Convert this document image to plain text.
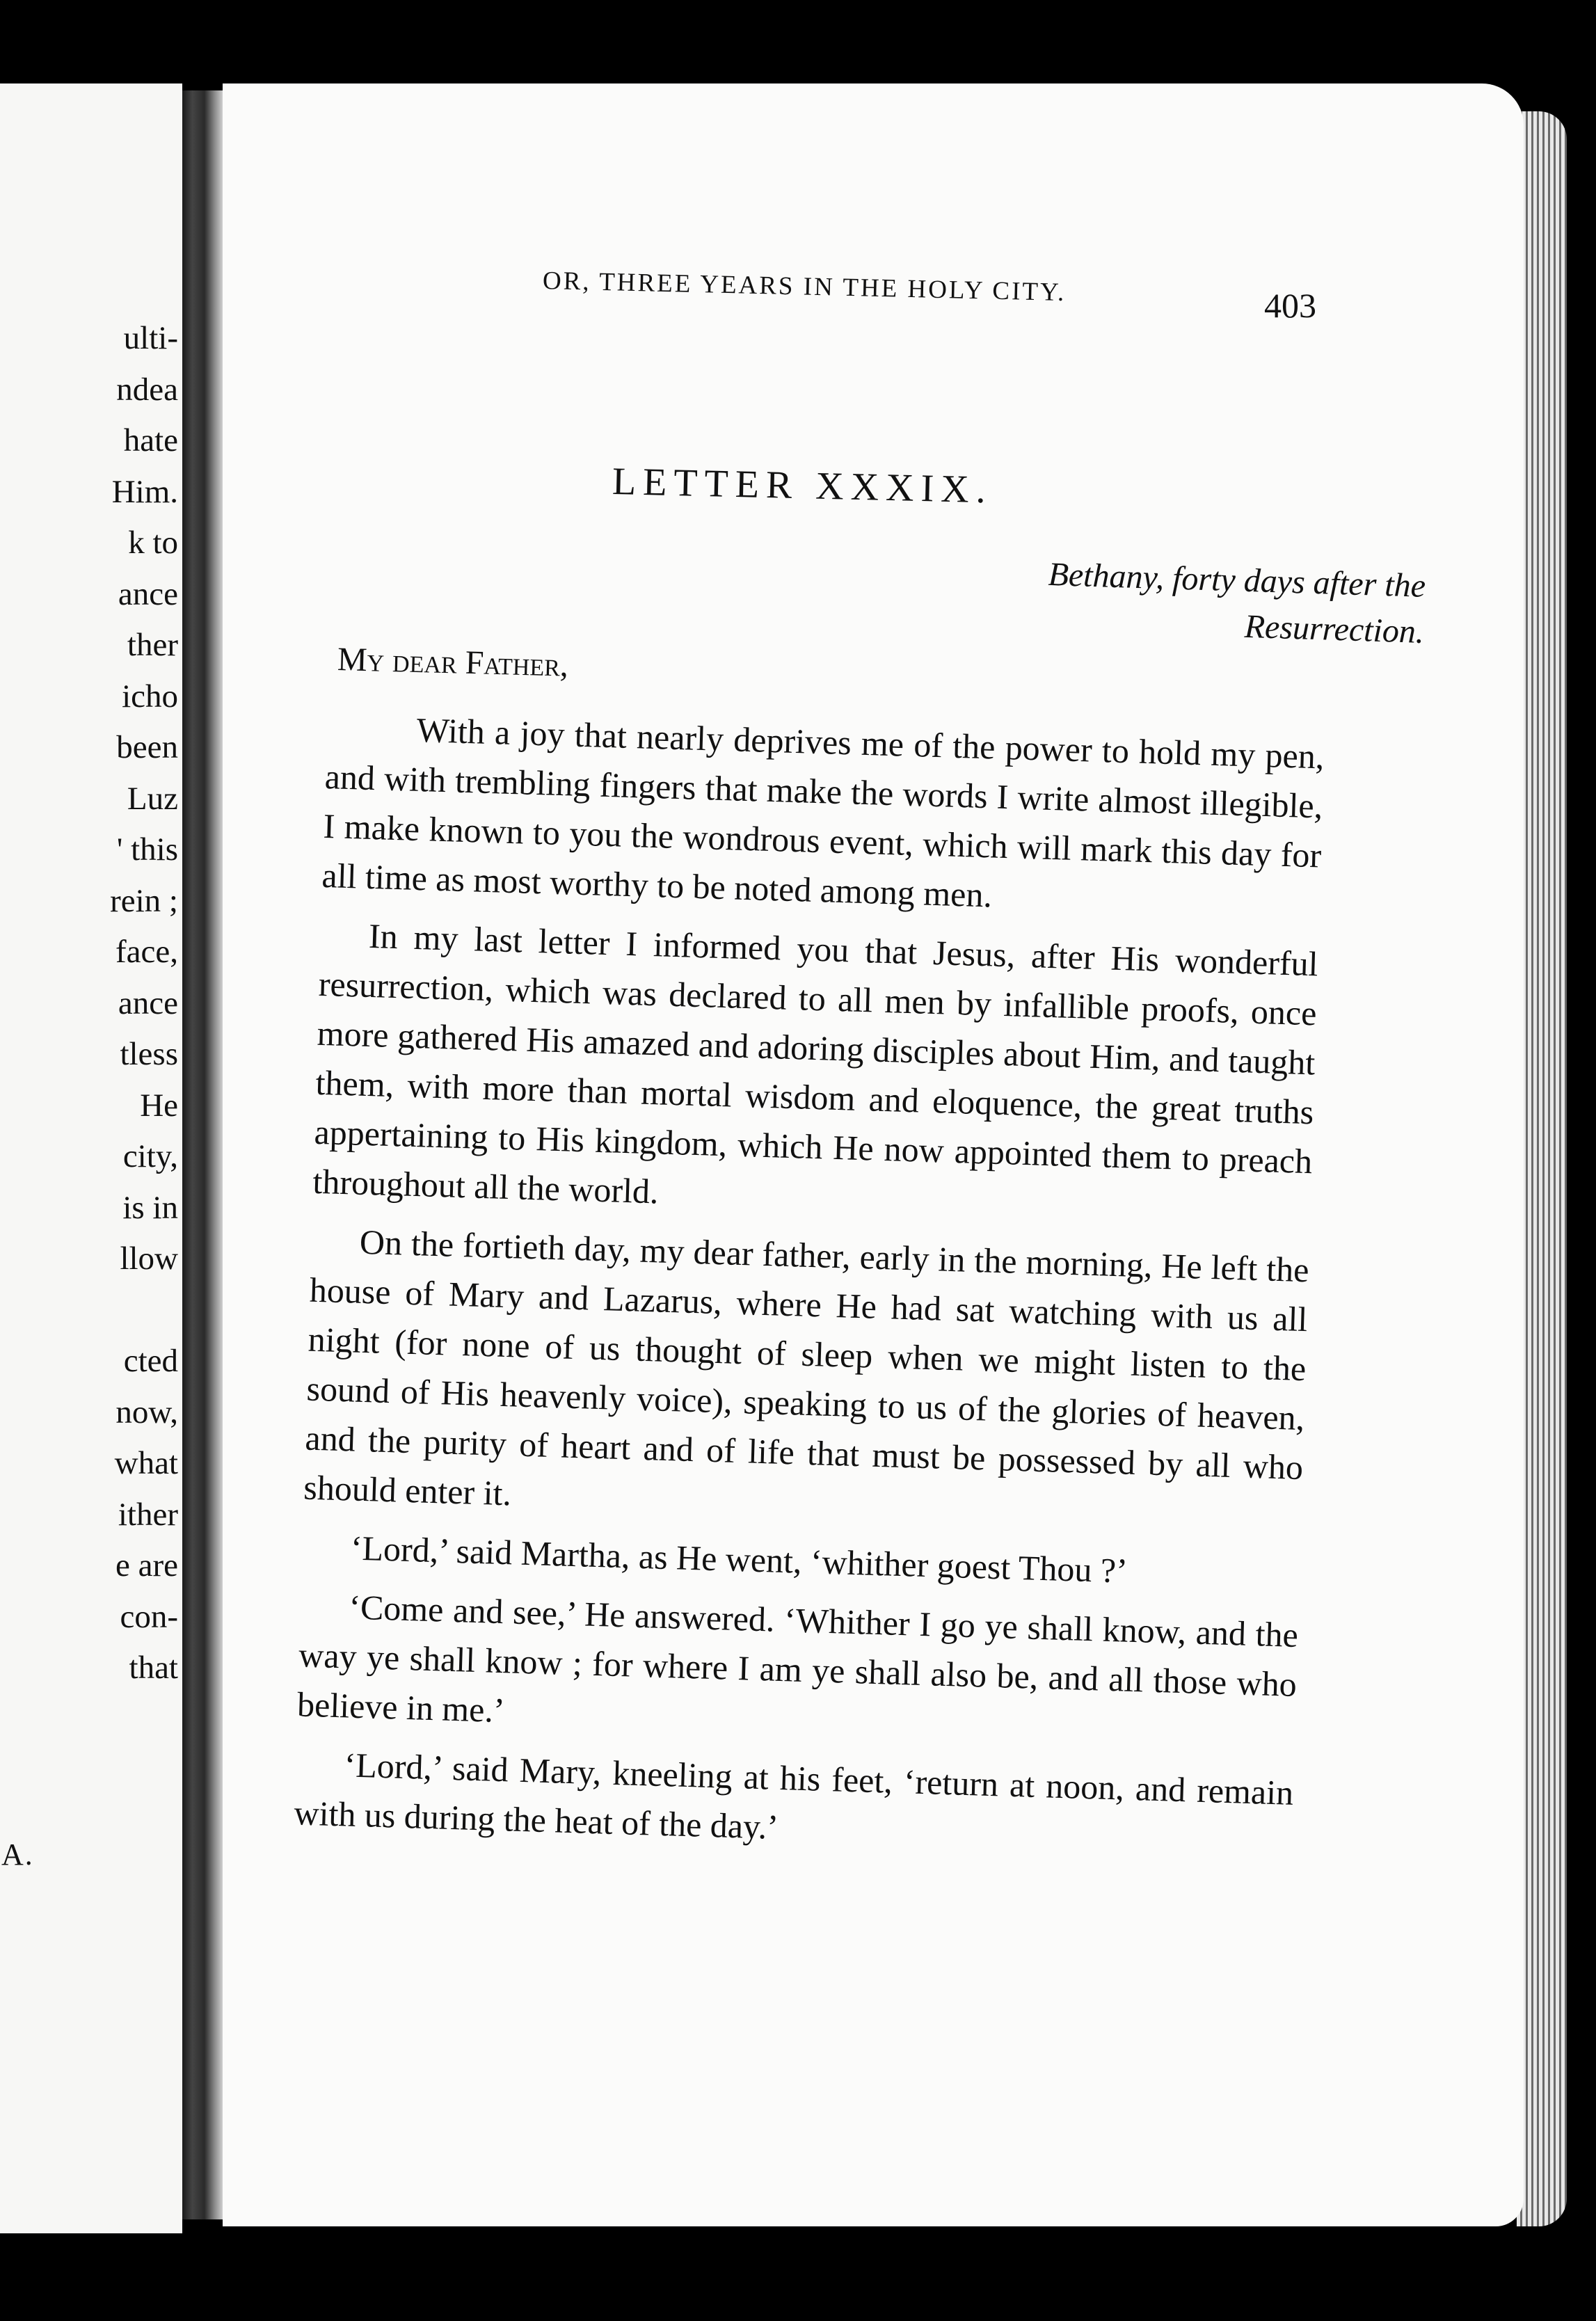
ulti-
ndea
hate
Him.
k to
ance
ther
icho
been
Luz
' this
rein ;
face,
ance
tless
He
city,
is in
llow
cted
now,
what
ither
e are
con-
that
A.
OR, THREE YEARS IN THE HOLY CITY.	403
LETTER XXXIX.
Bethany, forty days after the
Resurrection.
My dear Father,

With a joy that nearly deprives me of the power to hold my pen, and with trembling fingers that make the words I write almost illegible, I make known to you the wondrous event, which will mark this day for all time as most worthy to be noted among men.

In my last letter I informed you that Jesus, after His wonderful resurrection, which was declared to all men by infallible proofs, once more gathered His amazed and adoring disciples about Him, and taught them, with more than mortal wisdom and eloquence, the great truths appertaining to His kingdom, which He now appointed them to preach throughout all the world.

On the fortieth day, my dear father, early in the morning, He left the house of Mary and Lazarus, where He had sat watching with us all night (for none of us thought of sleep when we might listen to the sound of His heavenly voice), speaking to us of the glories of heaven, and the purity of heart and of life that must be possessed by all who should enter it.

‘Lord,’ said Martha, as He went, ‘whither goest Thou ?’

‘Come and see,’ He answered. ‘Whither I go ye shall know, and the way ye shall know ; for where I am ye shall also be, and all those who believe in me.’

‘Lord,’ said Mary, kneeling at his feet, ‘return at noon, and remain with us during the heat of the day.’
